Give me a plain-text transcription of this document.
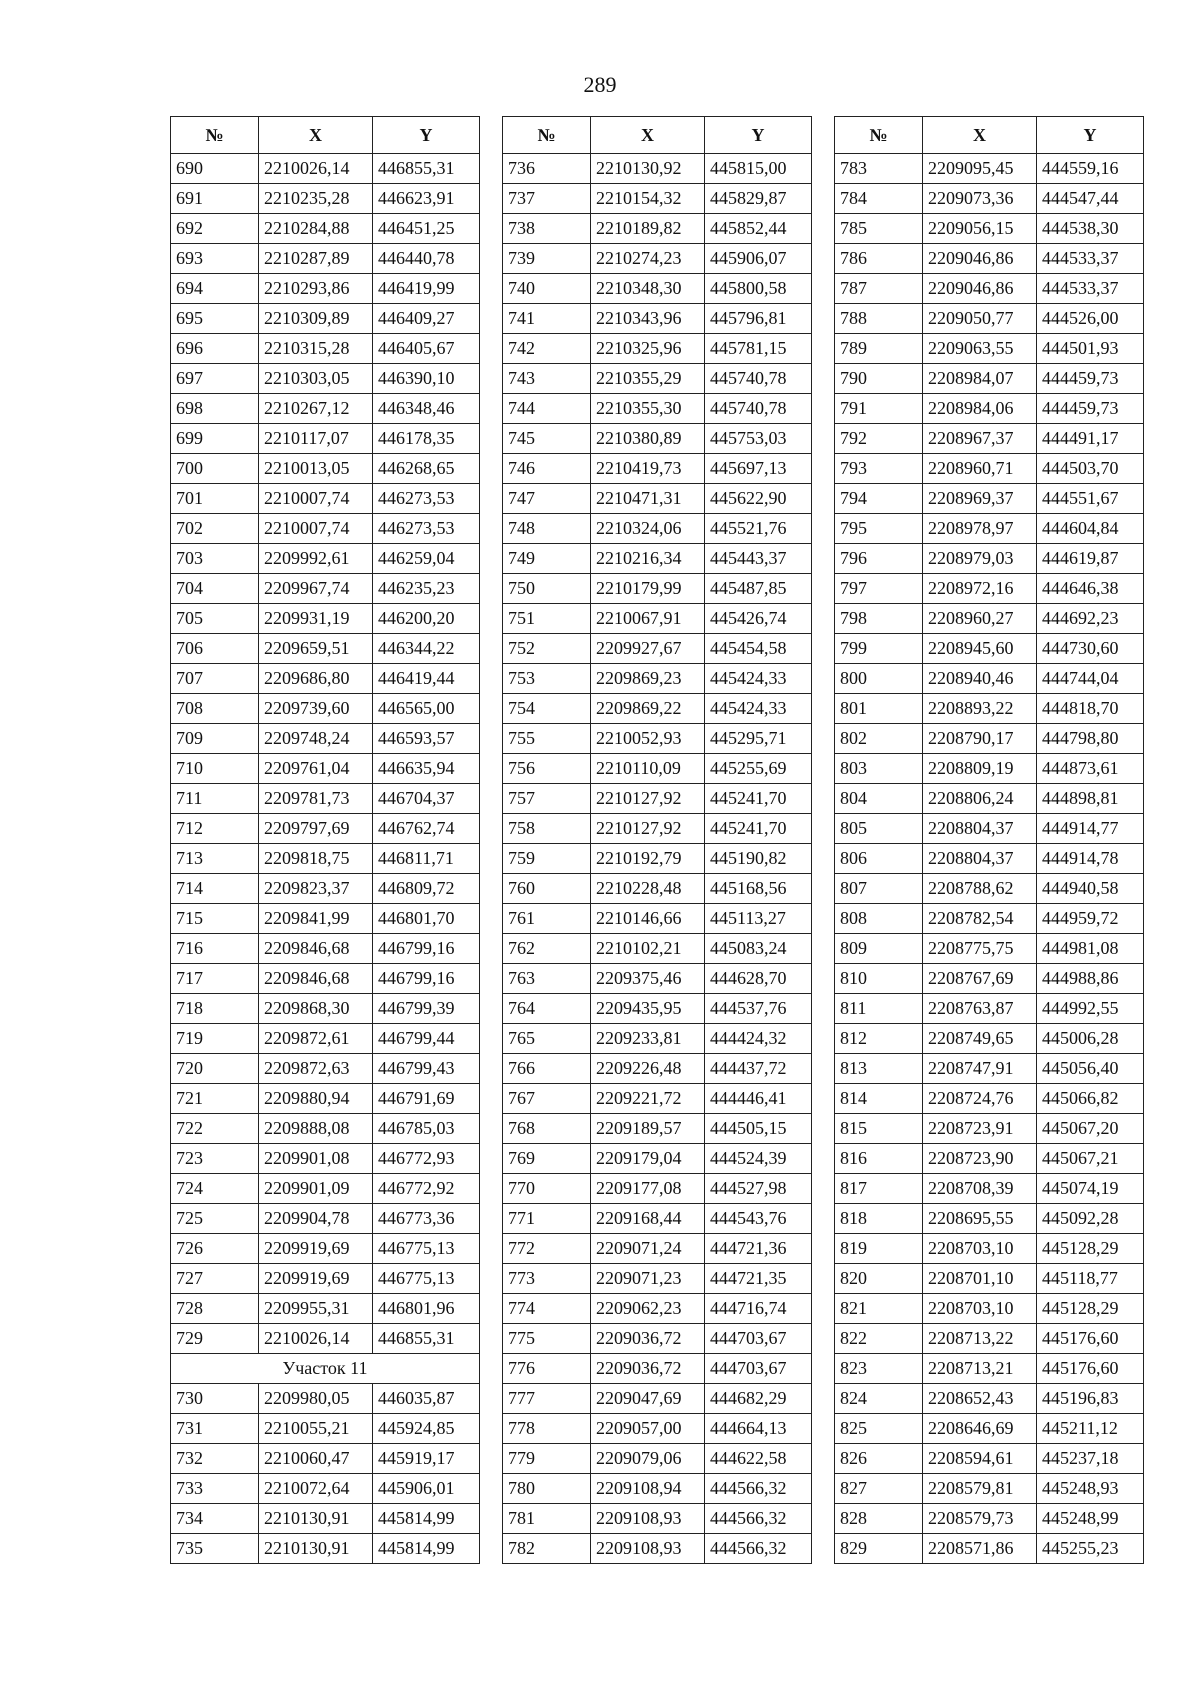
289
№	X	Y
690	2210026,14	446855,31
691	2210235,28	446623,91
692	2210284,88	446451,25
693	2210287,89	446440,78
694	2210293,86	446419,99
695	2210309,89	446409,27
696	2210315,28	446405,67
697	2210303,05	446390,10
698	2210267,12	446348,46
699	2210117,07	446178,35
700	2210013,05	446268,65
701	2210007,74	446273,53
702	2210007,74	446273,53
703	2209992,61	446259,04
704	2209967,74	446235,23
705	2209931,19	446200,20
706	2209659,51	446344,22
707	2209686,80	446419,44
708	2209739,60	446565,00
709	2209748,24	446593,57
710	2209761,04	446635,94
711	2209781,73	446704,37
712	2209797,69	446762,74
713	2209818,75	446811,71
714	2209823,37	446809,72
715	2209841,99	446801,70
716	2209846,68	446799,16
717	2209846,68	446799,16
718	2209868,30	446799,39
719	2209872,61	446799,44
720	2209872,63	446799,43
721	2209880,94	446791,69
722	2209888,08	446785,03
723	2209901,08	446772,93
724	2209901,09	446772,92
725	2209904,78	446773,36
726	2209919,69	446775,13
727	2209919,69	446775,13
728	2209955,31	446801,96
729	2210026,14	446855,31
Участок 11		
730	2209980,05	446035,87
731	2210055,21	445924,85
732	2210060,47	445919,17
733	2210072,64	445906,01
734	2210130,91	445814,99
735	2210130,91	445814,99
№	X	Y
736	2210130,92	445815,00
737	2210154,32	445829,87
738	2210189,82	445852,44
739	2210274,23	445906,07
740	2210348,30	445800,58
741	2210343,96	445796,81
742	2210325,96	445781,15
743	2210355,29	445740,78
744	2210355,30	445740,78
745	2210380,89	445753,03
746	2210419,73	445697,13
747	2210471,31	445622,90
748	2210324,06	445521,76
749	2210216,34	445443,37
750	2210179,99	445487,85
751	2210067,91	445426,74
752	2209927,67	445454,58
753	2209869,23	445424,33
754	2209869,22	445424,33
755	2210052,93	445295,71
756	2210110,09	445255,69
757	2210127,92	445241,70
758	2210127,92	445241,70
759	2210192,79	445190,82
760	2210228,48	445168,56
761	2210146,66	445113,27
762	2210102,21	445083,24
763	2209375,46	444628,70
764	2209435,95	444537,76
765	2209233,81	444424,32
766	2209226,48	444437,72
767	2209221,72	444446,41
768	2209189,57	444505,15
769	2209179,04	444524,39
770	2209177,08	444527,98
771	2209168,44	444543,76
772	2209071,24	444721,36
773	2209071,23	444721,35
774	2209062,23	444716,74
775	2209036,72	444703,67
776	2209036,72	444703,67
777	2209047,69	444682,29
778	2209057,00	444664,13
779	2209079,06	444622,58
780	2209108,94	444566,32
781	2209108,93	444566,32
782	2209108,93	444566,32
№	X	Y
783	2209095,45	444559,16
784	2209073,36	444547,44
785	2209056,15	444538,30
786	2209046,86	444533,37
787	2209046,86	444533,37
788	2209050,77	444526,00
789	2209063,55	444501,93
790	2208984,07	444459,73
791	2208984,06	444459,73
792	2208967,37	444491,17
793	2208960,71	444503,70
794	2208969,37	444551,67
795	2208978,97	444604,84
796	2208979,03	444619,87
797	2208972,16	444646,38
798	2208960,27	444692,23
799	2208945,60	444730,60
800	2208940,46	444744,04
801	2208893,22	444818,70
802	2208790,17	444798,80
803	2208809,19	444873,61
804	2208806,24	444898,81
805	2208804,37	444914,77
806	2208804,37	444914,78
807	2208788,62	444940,58
808	2208782,54	444959,72
809	2208775,75	444981,08
810	2208767,69	444988,86
811	2208763,87	444992,55
812	2208749,65	445006,28
813	2208747,91	445056,40
814	2208724,76	445066,82
815	2208723,91	445067,20
816	2208723,90	445067,21
817	2208708,39	445074,19
818	2208695,55	445092,28
819	2208703,10	445128,29
820	2208701,10	445118,77
821	2208703,10	445128,29
822	2208713,22	445176,60
823	2208713,21	445176,60
824	2208652,43	445196,83
825	2208646,69	445211,12
826	2208594,61	445237,18
827	2208579,81	445248,93
828	2208579,73	445248,99
829	2208571,86	445255,23
